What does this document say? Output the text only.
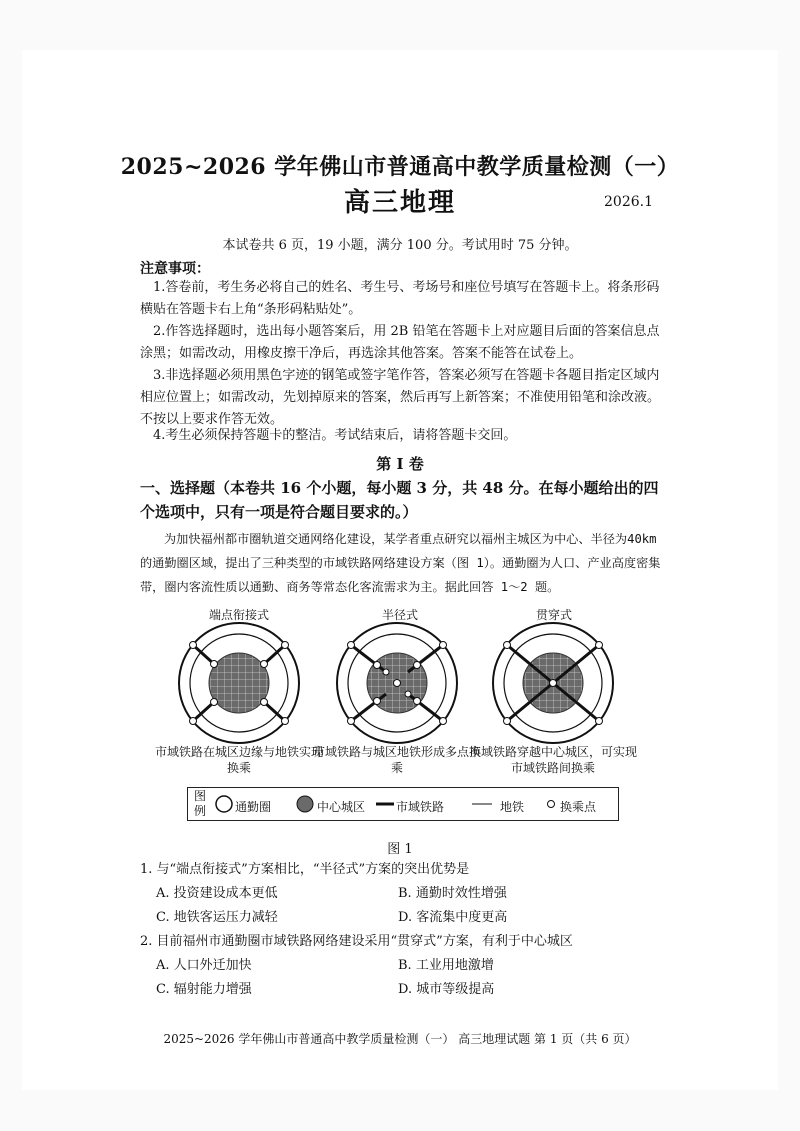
2025~2026 学年佛山市普通高中教学质量检测（一）
高三地理	2026.1
本试卷共 6 页，19 小题，满分 100 分。考试用时 75 分钟。
注意事项：
1.答卷前，考生务必将自己的姓名、考生号、考场号和座位号填写在答题卡上。将条形码横贴在答题卡右上角“条形码粘贴处”。
2.作答选择题时，选出每小题答案后，用 2B 铅笔在答题卡上对应题目后面的答案信息点涂黑；如需改动，用橡皮擦干净后，再选涂其他答案。答案不能答在试卷上。
3.非选择题必须用黑色字迹的钢笔或签字笔作答，答案必须写在答题卡各题目指定区域内相应位置上；如需改动，先划掉原来的答案，然后再写上新答案；不准使用铅笔和涂改液。不按以上要求作答无效。
4.考生必须保持答题卡的整洁。考试结束后，请将答题卡交回。
第 I 卷
一、选择题（本卷共 16 个小题，每小题 3 分，共 48 分。在每小题给出的四个选项中，只有一项是符合题目要求的。）
为加快福州都市圈轨道交通网络化建设，某学者重点研究以福州主城区为中心、半径为40km 的通勤圈区域，提出了三种类型的市域铁路网络建设方案（图 1）。通勤圈为人口、产业高度密集带，圈内客流性质以通勤、商务等常态化客流需求为主。据此回答 1～2 题。
端点衔接式	半径式	贯穿式
市域铁路在城区边缘与地铁实现换乘
市域铁路与城区地铁形成多点换乘
市域铁路穿越中心城区，可实现市域铁路间换乘
图例 通勤圈	中心城区	市域铁路	地铁	换乘点
图 1
1. 与“端点衔接式”方案相比，“半径式”方案的突出优势是
A. 投资建设成本更低	B. 通勤时效性增强
C. 地铁客运压力减轻	D. 客流集中度更高
2. 目前福州市通勤圈市域铁路网络建设采用“贯穿式”方案，有利于中心城区
A. 人口外迁加快	B. 工业用地激增
C. 辐射能力增强	D. 城市等级提高
2025~2026 学年佛山市普通高中教学质量检测（一） 高三地理试题 第 1 页（共 6 页）
